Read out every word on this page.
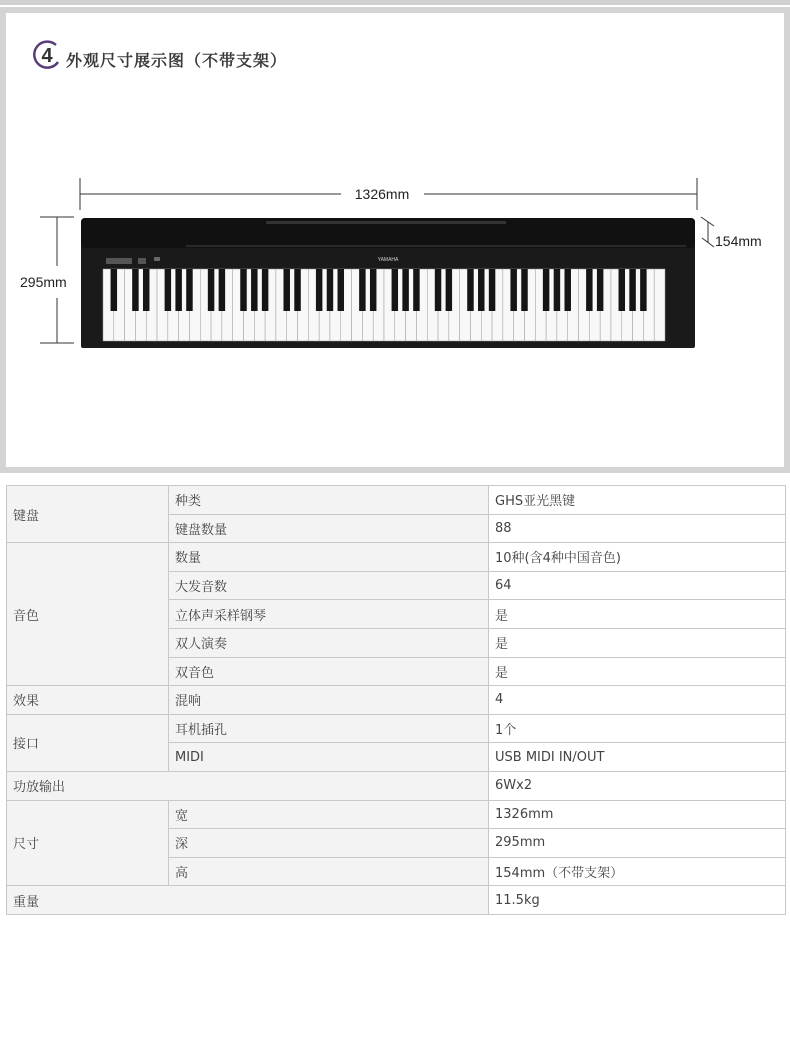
4 外观尺寸展示图（不带支架）
1326mm
295mm
154mm
YAMAHA
键盘	种类	GHS亚光黑键
	键盘数量	88
音色	数量	10种(含4种中国音色)
	大发音数	64
	立体声采样钢琴	是
	双人演奏	是
	双音色	是
效果	混响	4
接口	耳机插孔	1个
	MIDI	USB MIDI IN/OUT
功放输出		6Wx2
尺寸	宽	1326mm
	深	295mm
	高	154mm（不带支架）
重量		11.5kg
